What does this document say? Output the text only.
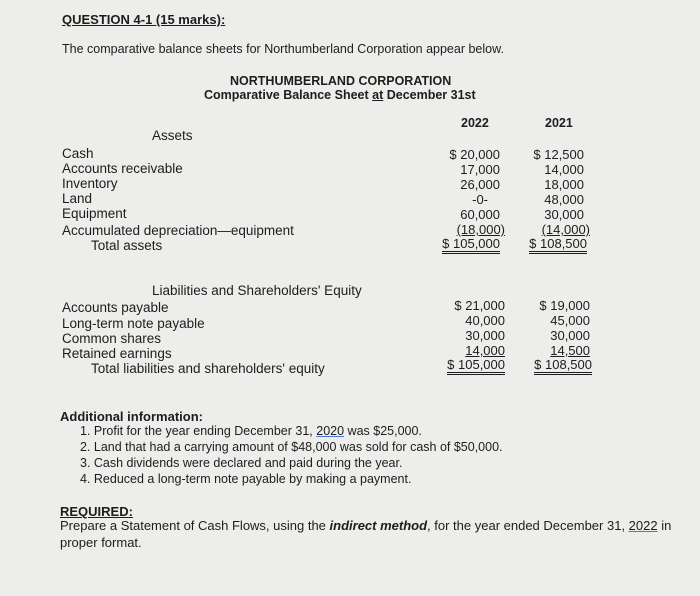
QUESTION 4-1 (15 marks):
The comparative balance sheets for Northumberland Corporation appear below.
NORTHUMBERLAND CORPORATION
Comparative Balance Sheet at December 31st
2022	2021
Assets
Cash
Accounts receivable
Inventory
Land
Equipment
Accumulated depreciation—equipment
Total assets
$ 20,000
17,000
26,000
-0-
60,000
(18,000)
$ 105,000
$ 12,500
14,000
18,000
48,000
30,000
(14,000)
$ 108,500
Liabilities and Shareholders' Equity
Accounts payable
Long-term note payable
Common shares
Retained earnings
Total liabilities and shareholders' equity
$ 21,000
40,000
30,000
14,000
$ 105,000
$ 19,000
45,000
30,000
14,500
$ 108,500
Additional information:
1. Profit for the year ending December 31, 2020 was $25,000.
2. Land that had a carrying amount of $48,000 was sold for cash of $50,000.
3. Cash dividends were declared and paid during the year.
4. Reduced a long-term note payable by making a payment.
REQUIRED:
Prepare a Statement of Cash Flows, using the indirect method, for the year ended December 31, 2022 in proper format.
